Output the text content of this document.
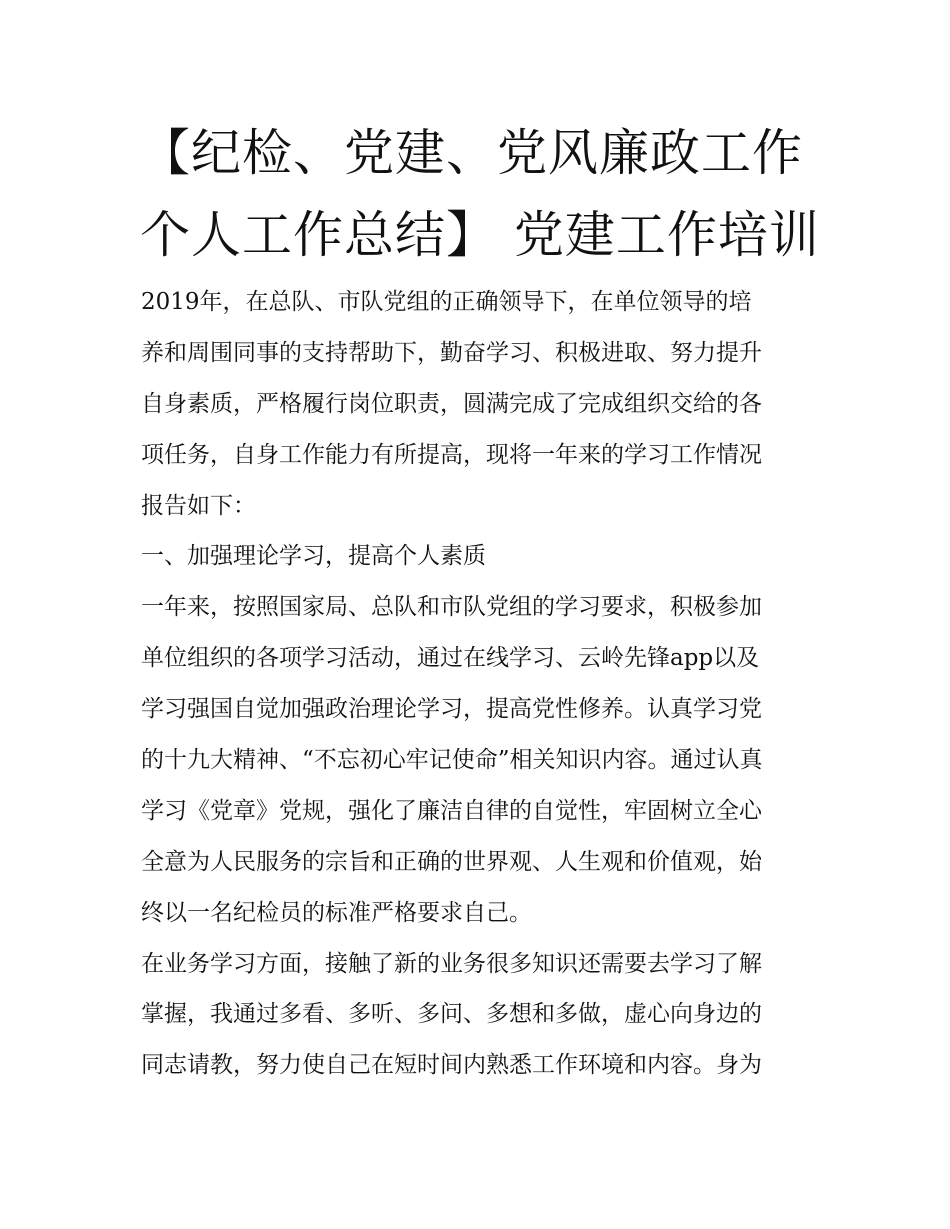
【纪检、党建、党风廉政工作
个人工作总结】 党建工作培训
2019年，在总队、市队党组的正确领导下，在单位领导的培
养和周围同事的支持帮助下，勤奋学习、积极进取、努力提升
自身素质，严格履行岗位职责，圆满完成了完成组织交给的各
项任务，自身工作能力有所提高，现将一年来的学习工作情况
报告如下：
一、加强理论学习，提高个人素质
一年来，按照国家局、总队和市队党组的学习要求，积极参加
单位组织的各项学习活动，通过在线学习、云岭先锋app以及
学习强国自觉加强政治理论学习，提高党性修养。认真学习党
的十九大精神、“不忘初心牢记使命”相关知识内容。通过认真
学习《党章》党规，强化了廉洁自律的自觉性，牢固树立全心
全意为人民服务的宗旨和正确的世界观、人生观和价值观，始
终以一名纪检员的标准严格要求自己。
在业务学习方面，接触了新的业务很多知识还需要去学习了解
掌握，我通过多看、多听、多问、多想和多做，虚心向身边的
同志请教，努力使自己在短时间内熟悉工作环境和内容。身为
